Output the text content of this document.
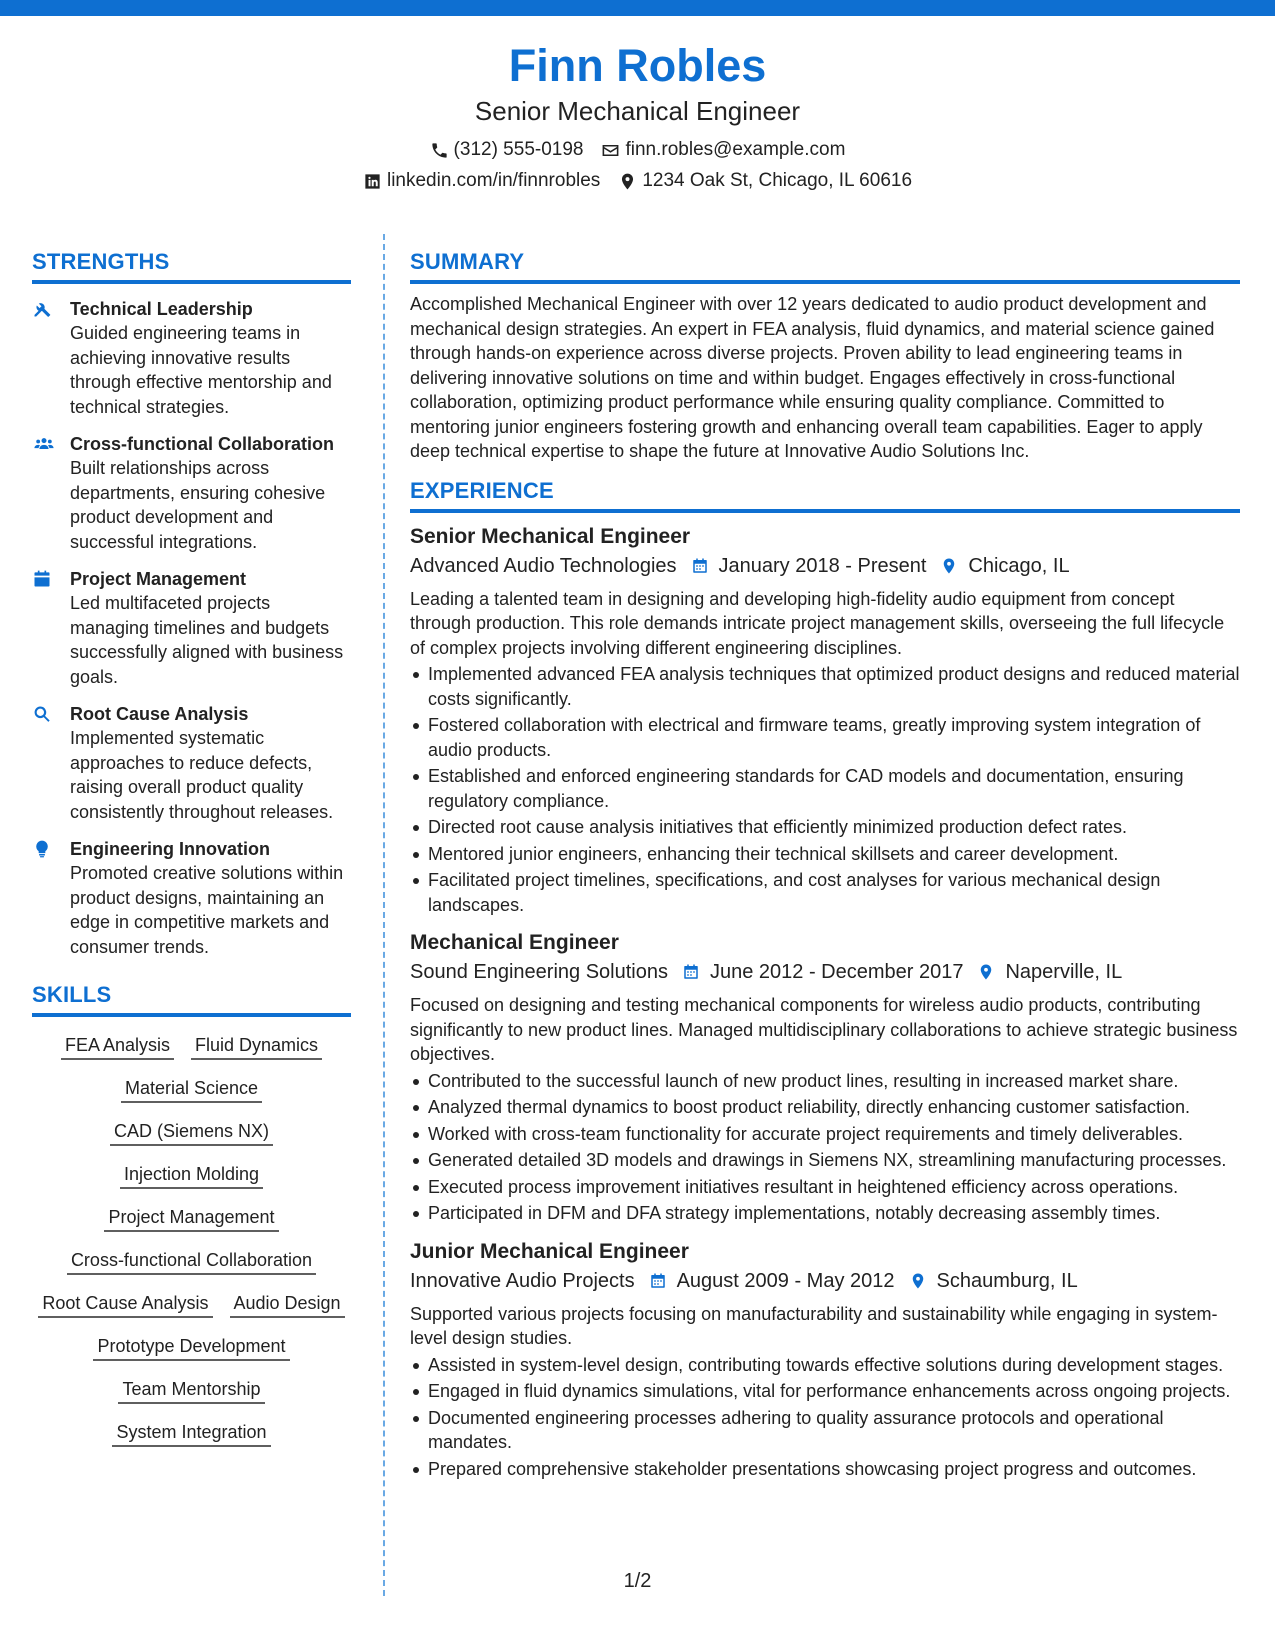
Finn Robles
Senior Mechanical Engineer
(312) 555-0198 finn.robles@example.com
linkedin.com/in/finnrobles 1234 Oak St, Chicago, IL 60616
STRENGTHS
Technical Leadership
Guided engineering teams in achieving innovative results through effective mentorship and technical strategies.
Cross-functional Collaboration
Built relationships across departments, ensuring cohesive product development and successful integrations.
Project Management
Led multifaceted projects managing timelines and budgets successfully aligned with business goals.
Root Cause Analysis
Implemented systematic approaches to reduce defects, raising overall product quality consistently throughout releases.
Engineering Innovation
Promoted creative solutions within product designs, maintaining an edge in competitive markets and consumer trends.
SKILLS
FEA Analysis Fluid Dynamics
Material Science
CAD (Siemens NX)
Injection Molding
Project Management
Cross-functional Collaboration
Root Cause Analysis Audio Design
Prototype Development
Team Mentorship
System Integration
SUMMARY
Accomplished Mechanical Engineer with over 12 years dedicated to audio product development and mechanical design strategies. An expert in FEA analysis, fluid dynamics, and material science gained through hands-on experience across diverse projects. Proven ability to lead engineering teams in delivering innovative solutions on time and within budget. Engages effectively in cross-functional collaboration, optimizing product performance while ensuring quality compliance. Committed to mentoring junior engineers fostering growth and enhancing overall team capabilities. Eager to apply deep technical expertise to shape the future at Innovative Audio Solutions Inc.
EXPERIENCE
Senior Mechanical Engineer
Advanced Audio Technologies January 2018 - Present Chicago, IL
Leading a talented team in designing and developing high-fidelity audio equipment from concept through production. This role demands intricate project management skills, overseeing the full lifecycle of complex projects involving different engineering disciplines.
Implemented advanced FEA analysis techniques that optimized product designs and reduced material costs significantly.
Fostered collaboration with electrical and firmware teams, greatly improving system integration of audio products.
Established and enforced engineering standards for CAD models and documentation, ensuring regulatory compliance.
Directed root cause analysis initiatives that efficiently minimized production defect rates.
Mentored junior engineers, enhancing their technical skillsets and career development.
Facilitated project timelines, specifications, and cost analyses for various mechanical design landscapes.
Mechanical Engineer
Sound Engineering Solutions June 2012 - December 2017 Naperville, IL
Focused on designing and testing mechanical components for wireless audio products, contributing significantly to new product lines. Managed multidisciplinary collaborations to achieve strategic business objectives.
Contributed to the successful launch of new product lines, resulting in increased market share.
Analyzed thermal dynamics to boost product reliability, directly enhancing customer satisfaction.
Worked with cross-team functionality for accurate project requirements and timely deliverables.
Generated detailed 3D models and drawings in Siemens NX, streamlining manufacturing processes.
Executed process improvement initiatives resultant in heightened efficiency across operations.
Participated in DFM and DFA strategy implementations, notably decreasing assembly times.
Junior Mechanical Engineer
Innovative Audio Projects August 2009 - May 2012 Schaumburg, IL
Supported various projects focusing on manufacturability and sustainability while engaging in system-level design studies.
Assisted in system-level design, contributing towards effective solutions during development stages.
Engaged in fluid dynamics simulations, vital for performance enhancements across ongoing projects.
Documented engineering processes adhering to quality assurance protocols and operational mandates.
Prepared comprehensive stakeholder presentations showcasing project progress and outcomes.
1/2
